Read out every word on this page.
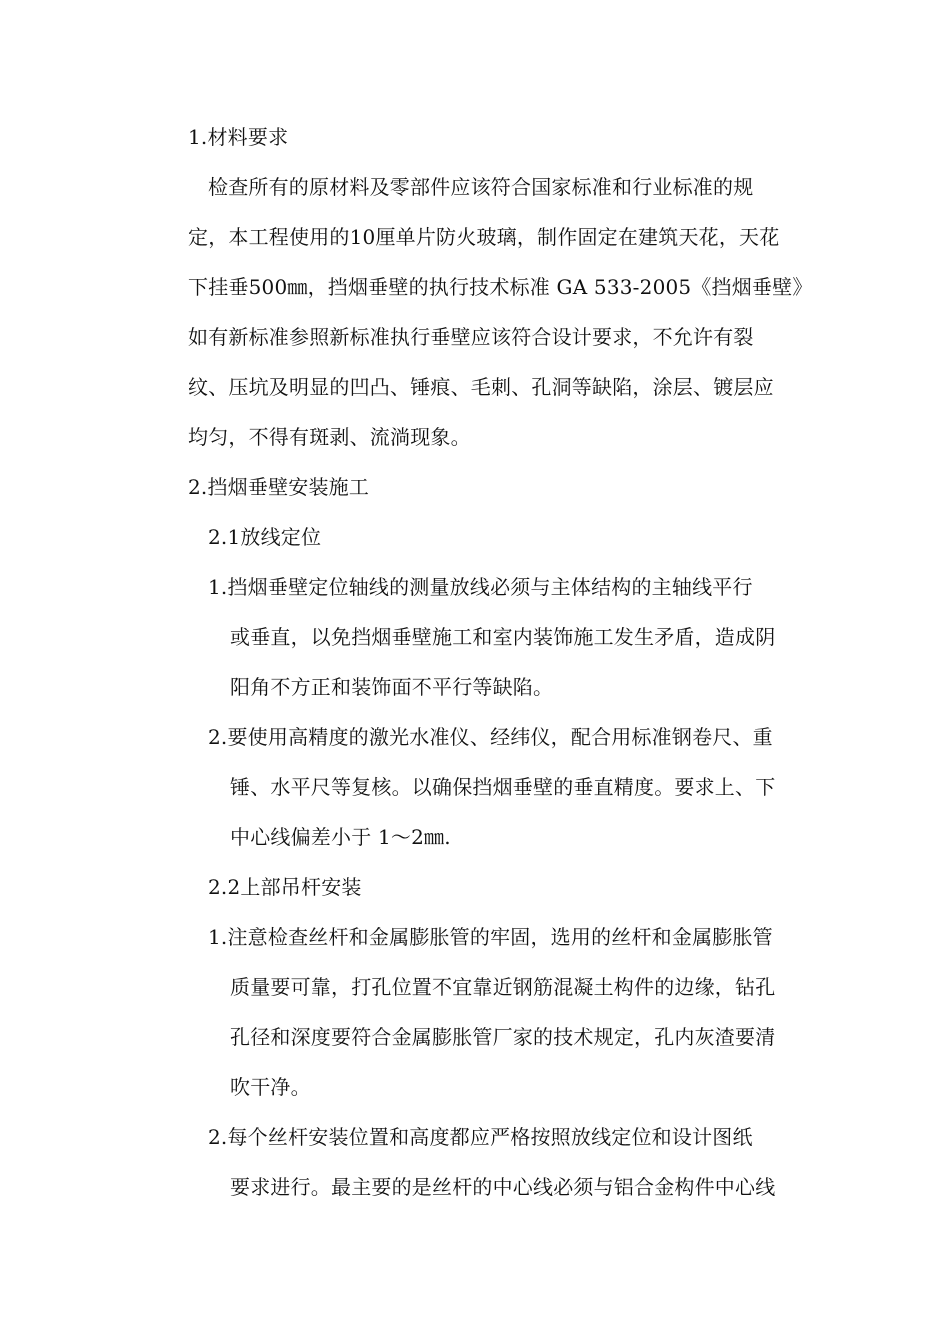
1.材料要求
检查所有的原材料及零部件应该符合国家标准和行业标准的规
定，本工程使用的10厘单片防火玻璃，制作固定在建筑天花，天花
下挂垂500㎜，挡烟垂壁的执行技术标准 GA 533-2005《挡烟垂壁》
如有新标准参照新标准执行垂壁应该符合设计要求，不允许有裂
纹、压坑及明显的凹凸、锤痕、毛刺、孔洞等缺陷，涂层、镀层应
均匀，不得有斑剥、流淌现象。
2.挡烟垂壁安装施工
2.1放线定位
1.挡烟垂壁定位轴线的测量放线必须与主体结构的主轴线平行
或垂直，以免挡烟垂壁施工和室内装饰施工发生矛盾，造成阴
阳角不方正和装饰面不平行等缺陷。
2.要使用高精度的激光水准仪、经纬仪，配合用标准钢卷尺、重
锤、水平尺等复核。以确保挡烟垂壁的垂直精度。要求上、下
中心线偏差小于 1～2㎜.
2.2上部吊杆安装
1.注意检查丝杆和金属膨胀管的牢固，选用的丝杆和金属膨胀管
质量要可靠，打孔位置不宜靠近钢筋混凝土构件的边缘，钻孔
孔径和深度要符合金属膨胀管厂家的技术规定，孔内灰渣要清
吹干净。
2.每个丝杆安装位置和高度都应严格按照放线定位和设计图纸
要求进行。最主要的是丝杆的中心线必须与铝合金构件中心线
